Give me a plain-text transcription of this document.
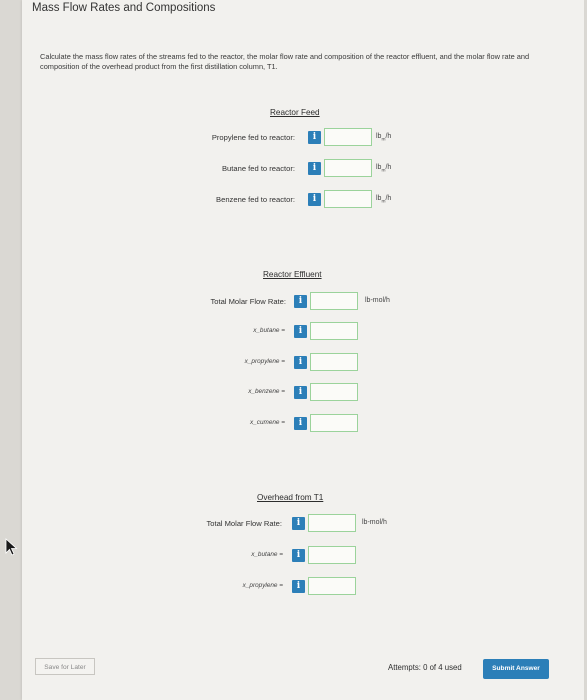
Mass Flow Rates and Compositions
Calculate the mass flow rates of the streams fed to the reactor, the molar flow rate and composition of the reactor effluent, and the molar flow rate and composition of the overhead product from the first distillation column, T1.
Reactor Feed
Propylene fed to reactor:	i	$lb_m/h$
Butane fed to reactor:	i	$lb_m/h$
Benzene fed to reactor:	i	$lb_m/h$
Reactor Effluent
Total Molar Flow Rate:	i	lb-mol/h
x_butane =	i
x_propylene =	i
x_benzene =	i
x_cumene =	i
Overhead from T1
Total Molar Flow Rate:	i	lb-mol/h
x_butane =	i
x_propylene =	i
Save for Later	Attempts: 0 of 4 used	Submit Answer
